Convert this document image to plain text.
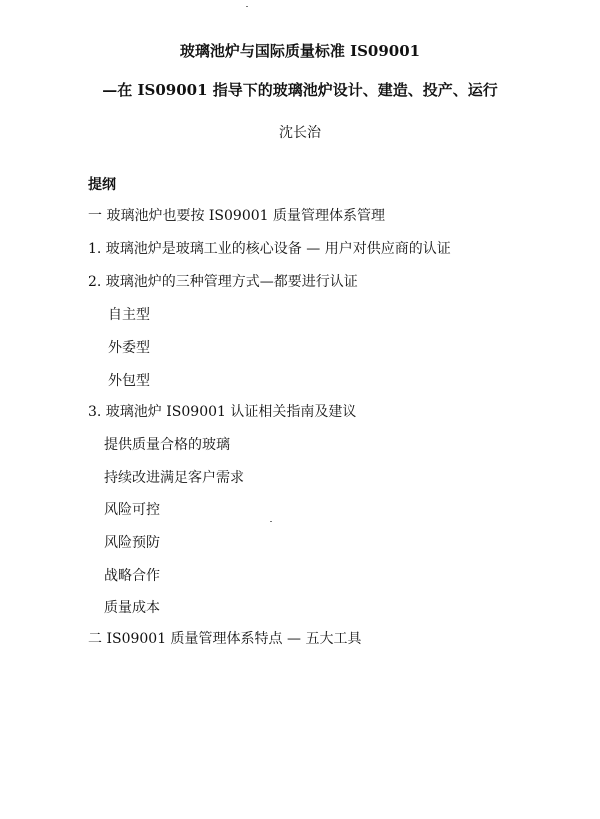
玻璃池炉与国际质量标准 IS09001
—在 IS09001 指导下的玻璃池炉设计、建造、投产、运行
沈长治
提纲
一 玻璃池炉也要按 IS09001 质量管理体系管理
1. 玻璃池炉是玻璃工业的核心设备 — 用户对供应商的认证
2. 玻璃池炉的三种管理方式—都要进行认证
自主型
外委型
外包型
3. 玻璃池炉 IS09001 认证相关指南及建议
提供质量合格的玻璃
持续改进满足客户需求
风险可控
风险预防
战略合作
质量成本
二 IS09001 质量管理体系特点 — 五大工具
